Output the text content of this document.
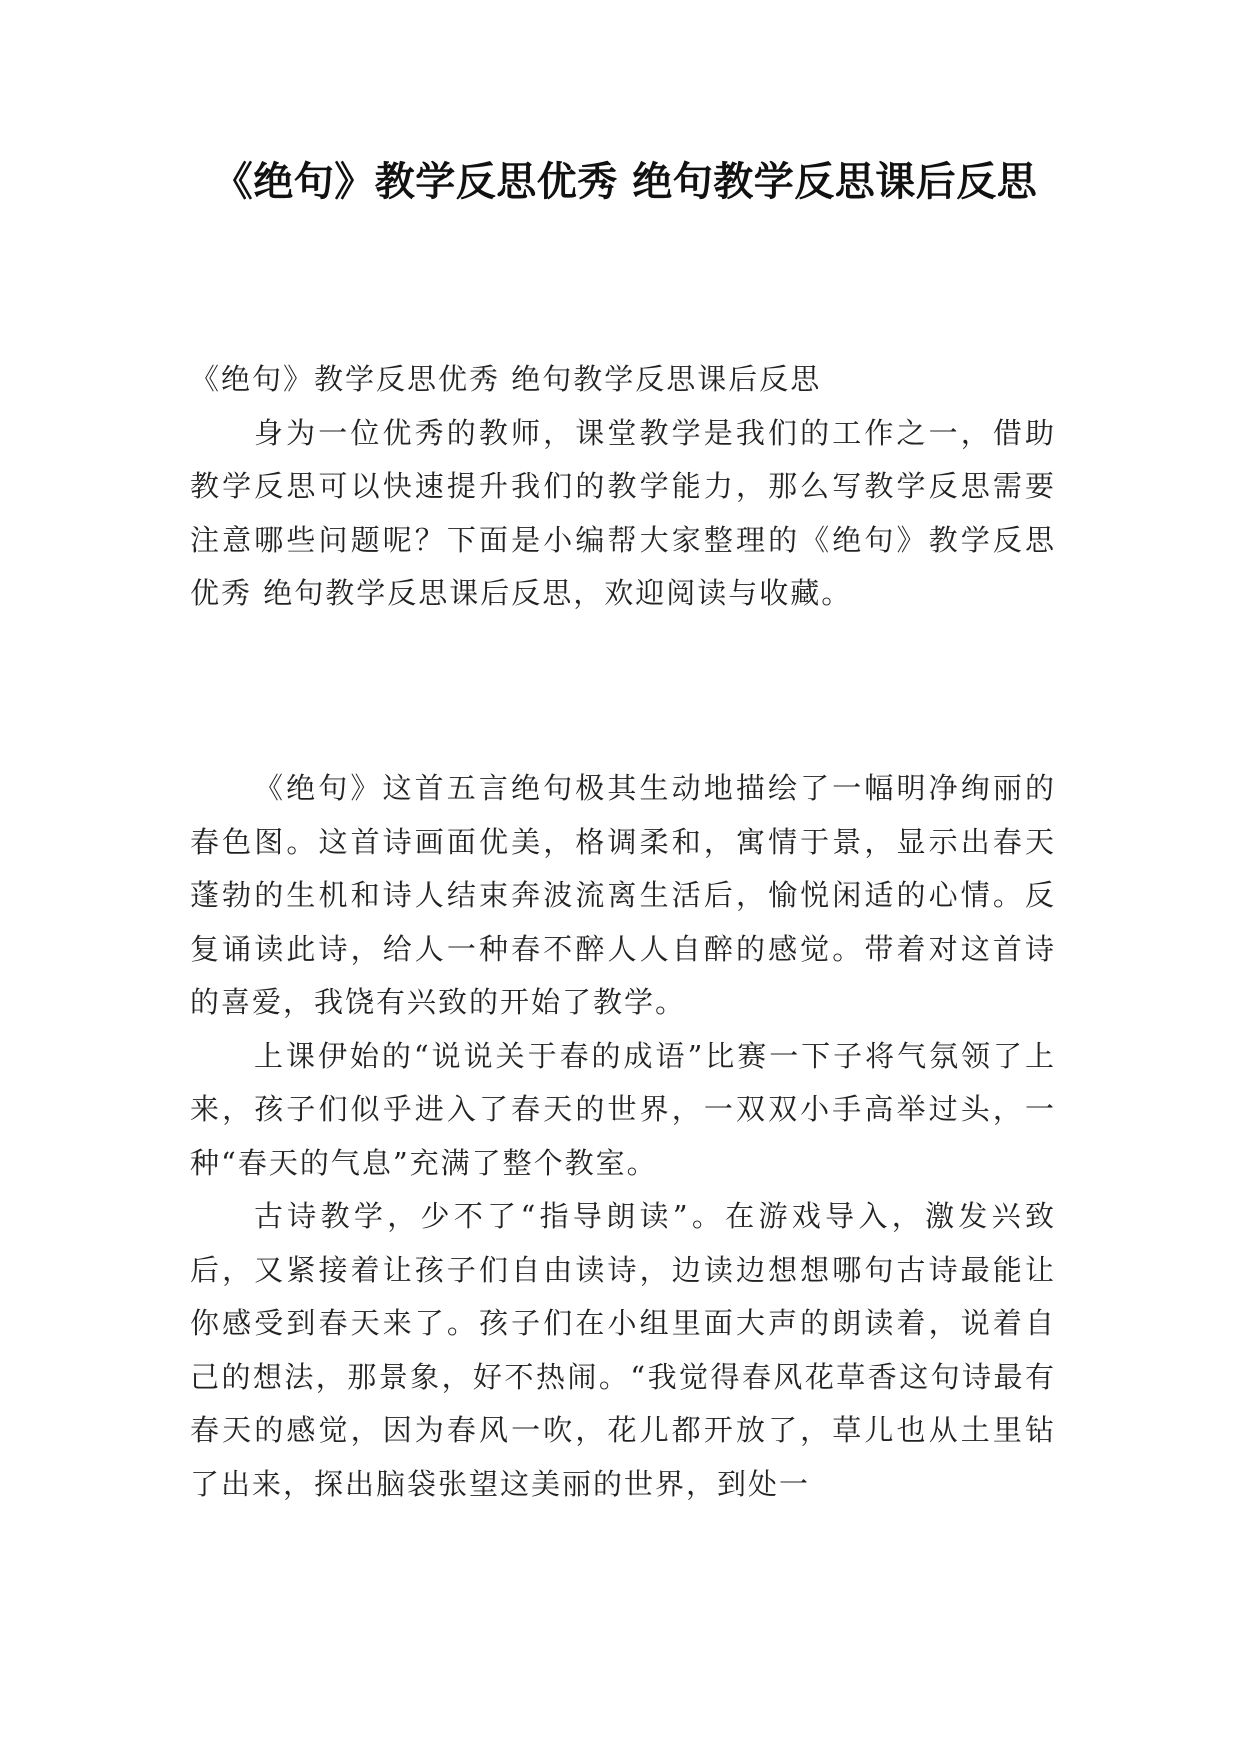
《绝句》教学反思优秀 绝句教学反思课后反思

《绝句》教学反思优秀 绝句教学反思课后反思

身为一位优秀的教师，课堂教学是我们的工作之一，借助教学反思可以快速提升我们的教学能力，那么写教学反思需要注意哪些问题呢？下面是小编帮大家整理的《绝句》教学反思优秀 绝句教学反思课后反思，欢迎阅读与收藏。

《绝句》这首五言绝句极其生动地描绘了一幅明净绚丽的春色图。这首诗画面优美，格调柔和，寓情于景，显示出春天蓬勃的生机和诗人结束奔波流离生活后，愉悦闲适的心情。反复诵读此诗，给人一种春不醉人人自醉的感觉。带着对这首诗的喜爱，我饶有兴致的开始了教学。

上课伊始的“说说关于春的成语”比赛一下子将气氛领了上来，孩子们似乎进入了春天的世界，一双双小手高举过头，一种“春天的气息”充满了整个教室。

古诗教学，少不了“指导朗读”。在游戏导入，激发兴致后，又紧接着让孩子们自由读诗，边读边想想哪句古诗最能让你感受到春天来了。孩子们在小组里面大声的朗读着，说着自己的想法，那景象，好不热闹。“我觉得春风花草香这句诗最有春天的感觉，因为春风一吹，花儿都开放了，草儿也从土里钻了出来，探出脑袋张望这美丽的世界，到处一
